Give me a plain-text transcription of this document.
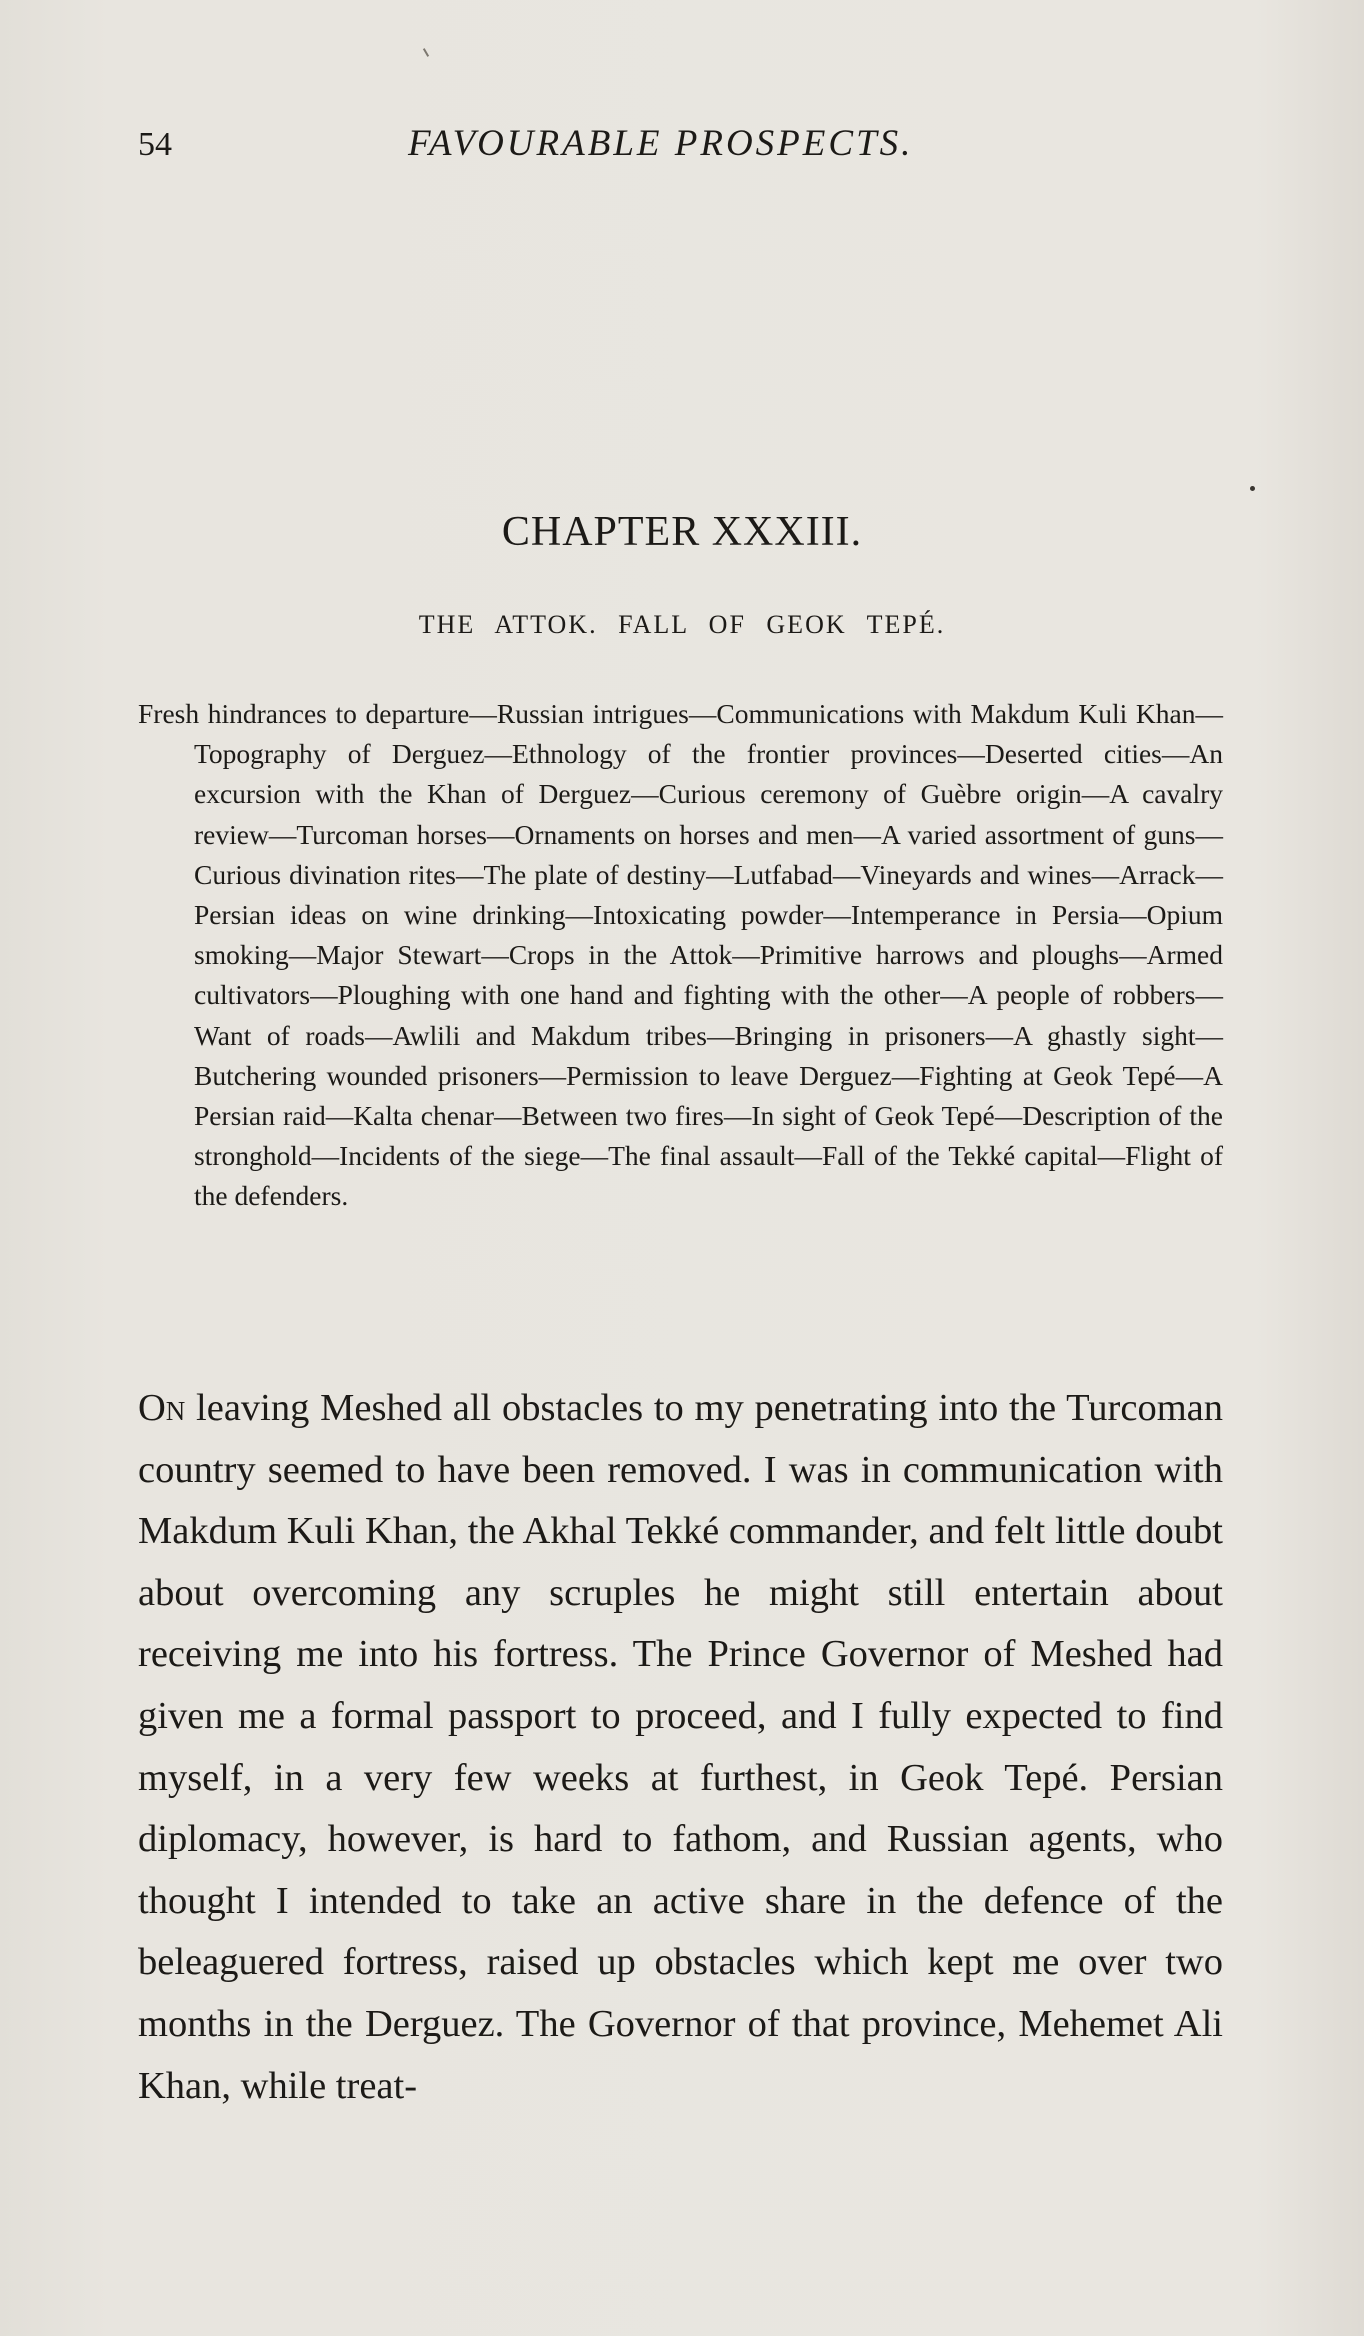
54	FAVOURABLE PROSPECTS.
CHAPTER XXXIII.
THE ATTOK. FALL OF GEOK TEPÉ.
Fresh hindrances to departure—Russian intrigues—Communications with Makdum Kuli Khan—Topography of Derguez—Ethnology of the frontier provinces—Deserted cities—An excursion with the Khan of Derguez—Curious ceremony of Guèbre origin—A cavalry review—Turcoman horses—Ornaments on horses and men—A varied assortment of guns—Curious divination rites—The plate of destiny—Lutfabad—Vineyards and wines—Arrack—Persian ideas on wine drinking—Intoxicating powder—Intemperance in Persia—Opium smoking—Major Stewart—Crops in the Attok—Primitive harrows and ploughs—Armed cultivators—Ploughing with one hand and fighting with the other—A people of robbers—Want of roads—Awlili and Makdum tribes—Bringing in prisoners—A ghastly sight—Butchering wounded prisoners—Permission to leave Derguez—Fighting at Geok Tepé—A Persian raid—Kalta chenar—Between two fires—In sight of Geok Tepé—Description of the stronghold—Incidents of the siege—The final assault—Fall of the Tekké capital—Flight of the defenders.
On leaving Meshed all obstacles to my penetrating into the Turcoman country seemed to have been removed. I was in communication with Makdum Kuli Khan, the Akhal Tekké commander, and felt little doubt about overcoming any scruples he might still entertain about receiving me into his fortress. The Prince Governor of Meshed had given me a formal passport to proceed, and I fully expected to find myself, in a very few weeks at furthest, in Geok Tepé. Persian diplomacy, however, is hard to fathom, and Russian agents, who thought I intended to take an active share in the defence of the beleaguered fortress, raised up obstacles which kept me over two months in the Derguez. The Governor of that province, Mehemet Ali Khan, while treat-
